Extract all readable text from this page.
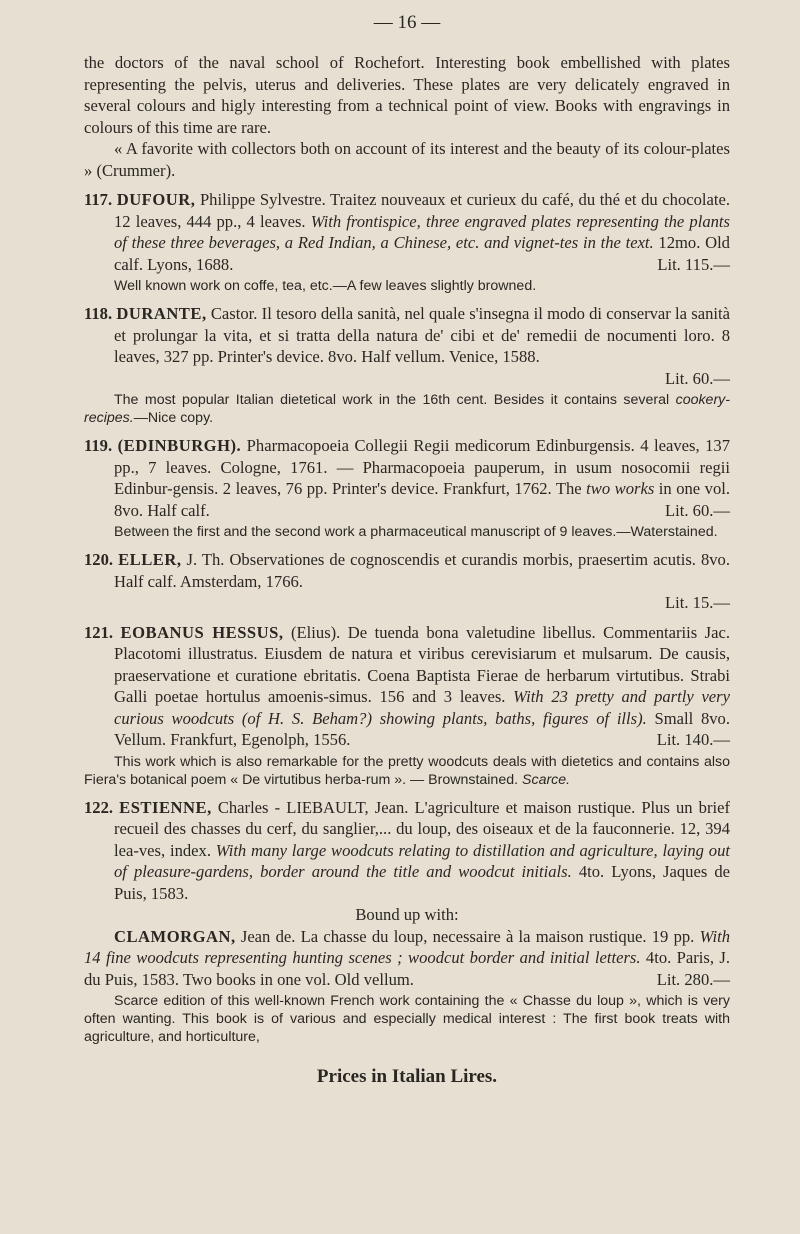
— 16 —

the doctors of the naval school of Rochefort. Interesting book embellished with plates representing the pelvis, uterus and deliveries. These plates are very delicately engraved in several colours and higly interesting from a technical point of view. Books with engravings in colours of this time are rare.

« A favorite with collectors both on account of its interest and the beauty of its colour-plates » (Crummer).

117. DUFOUR, Philippe Sylvestre. Traitez nouveaux et curieux du café, du thé et du chocolate. 12 leaves, 444 pp., 4 leaves. With frontispice, three engraved plates representing the plants of these three beverages, a Red Indian, a Chinese, etc. and vignet-tes in the text. 12mo. Old calf. Lyons, 1688.	Lit. 115.—

Well known work on coffe, tea, etc.—A few leaves slightly browned.

118. DURANTE, Castor. Il tesoro della sanità, nel quale s'insegna il modo di conservar la sanità et prolungar la vita, et si tratta della natura de' cibi et de' remedii de nocumenti loro. 8 leaves, 327 pp. Printer's device. 8vo. Half vellum. Venice, 1588.

Lit. 60.—

The most popular Italian dietetical work in the 16th cent. Besides it contains several cookery-recipes.—Nice copy.

119. (EDINBURGH). Pharmacopoeia Collegii Regii medicorum Edinburgensis. 4 leaves, 137 pp., 7 leaves. Cologne, 1761. — Pharmacopoeia pauperum, in usum nosocomii regii Edinbur-gensis. 2 leaves, 76 pp. Printer's device. Frankfurt, 1762. The two works in one vol. 8vo. Half calf.	Lit. 60.—

Between the first and the second work a pharmaceutical manuscript of 9 leaves.—Waterstained.

120. ELLER, J. Th. Observationes de cognoscendis et curandis morbis, praesertim acutis. 8vo. Half calf. Amsterdam, 1766.

Lit. 15.—

121. EOBANUS HESSUS, (Elius). De tuenda bona valetudine libellus. Commentariis Jac. Placotomi illustratus. Eiusdem de natura et viribus cerevisiarum et mulsarum. De causis, praeservatione et curatione ebritatis. Coena Baptista Fierae de herbarum virtutibus. Strabi Galli poetae hortulus amoenis-simus. 156 and 3 leaves. With 23 pretty and partly very curious woodcuts (of H. S. Beham?) showing plants, baths, figures of ills). Small 8vo. Vellum. Frankfurt, Egenolph, 1556.	Lit. 140.—

This work which is also remarkable for the pretty woodcuts deals with dietetics and contains also Fiera's botanical poem « De virtutibus herba-rum ». — Brownstained. Scarce.

122. ESTIENNE, Charles - LIEBAULT, Jean. L'agriculture et maison rustique. Plus un brief recueil des chasses du cerf, du sanglier,... du loup, des oiseaux et de la fauconnerie. 12, 394 lea-ves, index. With many large woodcuts relating to distillation and agriculture, laying out of pleasure-gardens, border around the title and woodcut initials. 4to. Lyons, Jaques de Puis, 1583.

Bound up with:

CLAMORGAN, Jean de. La chasse du loup, necessaire à la maison rustique. 19 pp. With 14 fine woodcuts representing hunting scenes ; woodcut border and initial letters. 4to. Paris, J. du Puis, 1583. Two books in one vol. Old vellum.	Lit. 280.—

Scarce edition of this well-known French work containing the « Chasse du loup », which is very often wanting. This book is of various and especially medical interest : The first book treats with agriculture, and horticulture,

Prices in Italian Lires.
